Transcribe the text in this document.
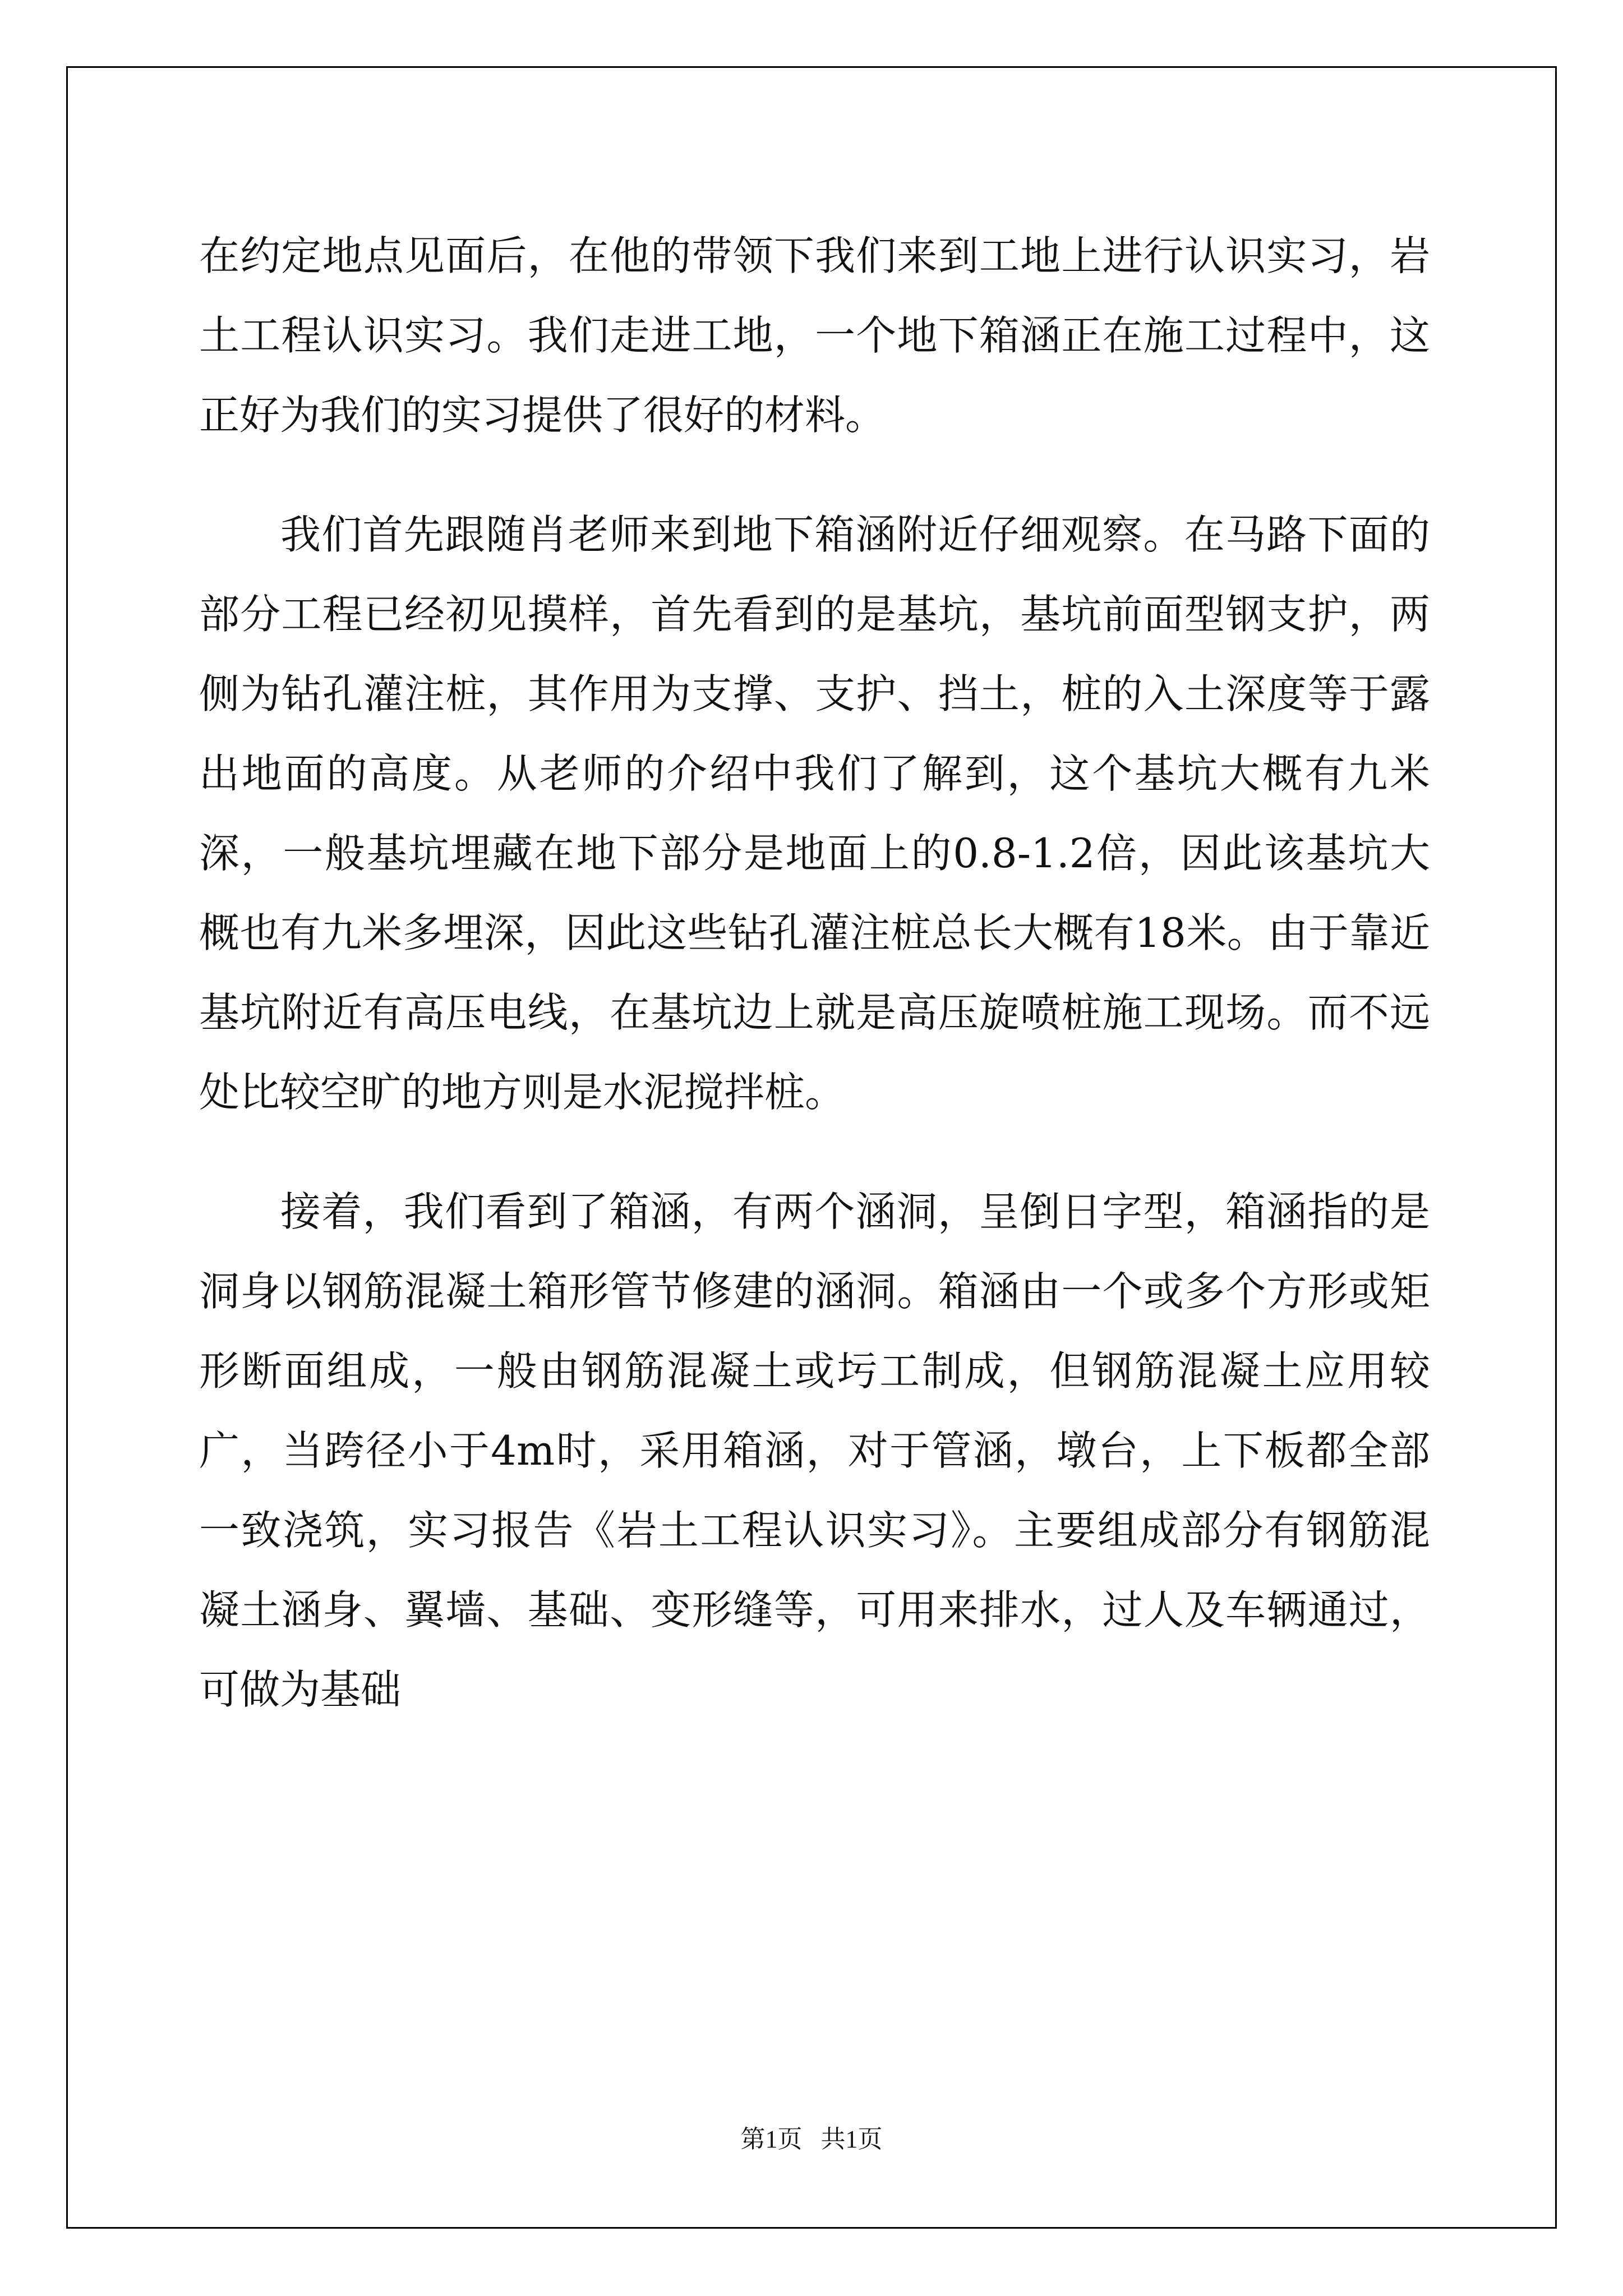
在约定地点见面后，在他的带领下我们来到工地上进行认识实习，岩土工程认识实习。我们走进工地，一个地下箱涵正在施工过程中，这正好为我们的实习提供了很好的材料。

我们首先跟随肖老师来到地下箱涵附近仔细观察。在马路下面的部分工程已经初见摸样，首先看到的是基坑，基坑前面型钢支护，两侧为钻孔灌注桩，其作用为支撑、支护、挡土，桩的入土深度等于露出地面的高度。从老师的介绍中我们了解到，这个基坑大概有九米深，一般基坑埋藏在地下部分是地面上的0.8-1.2倍，因此该基坑大概也有九米多埋深，因此这些钻孔灌注桩总长大概有18米。由于靠近基坑附近有高压电线，在基坑边上就是高压旋喷桩施工现场。而不远处比较空旷的地方则是水泥搅拌桩。

接着，我们看到了箱涵，有两个涵洞，呈倒日字型，箱涵指的是洞身以钢筋混凝土箱形管节修建的涵洞。箱涵由一个或多个方形或矩形断面组成，一般由钢筋混凝土或圬工制成，但钢筋混凝土应用较广，当跨径小于4m时，采用箱涵，对于管涵，墩台，上下板都全部一致浇筑，实习报告《岩土工程认识实习》。主要组成部分有钢筋混凝土涵身、翼墙、基础、变形缝等，可用来排水，过人及车辆通过，可做为基础

第1页   共1页
